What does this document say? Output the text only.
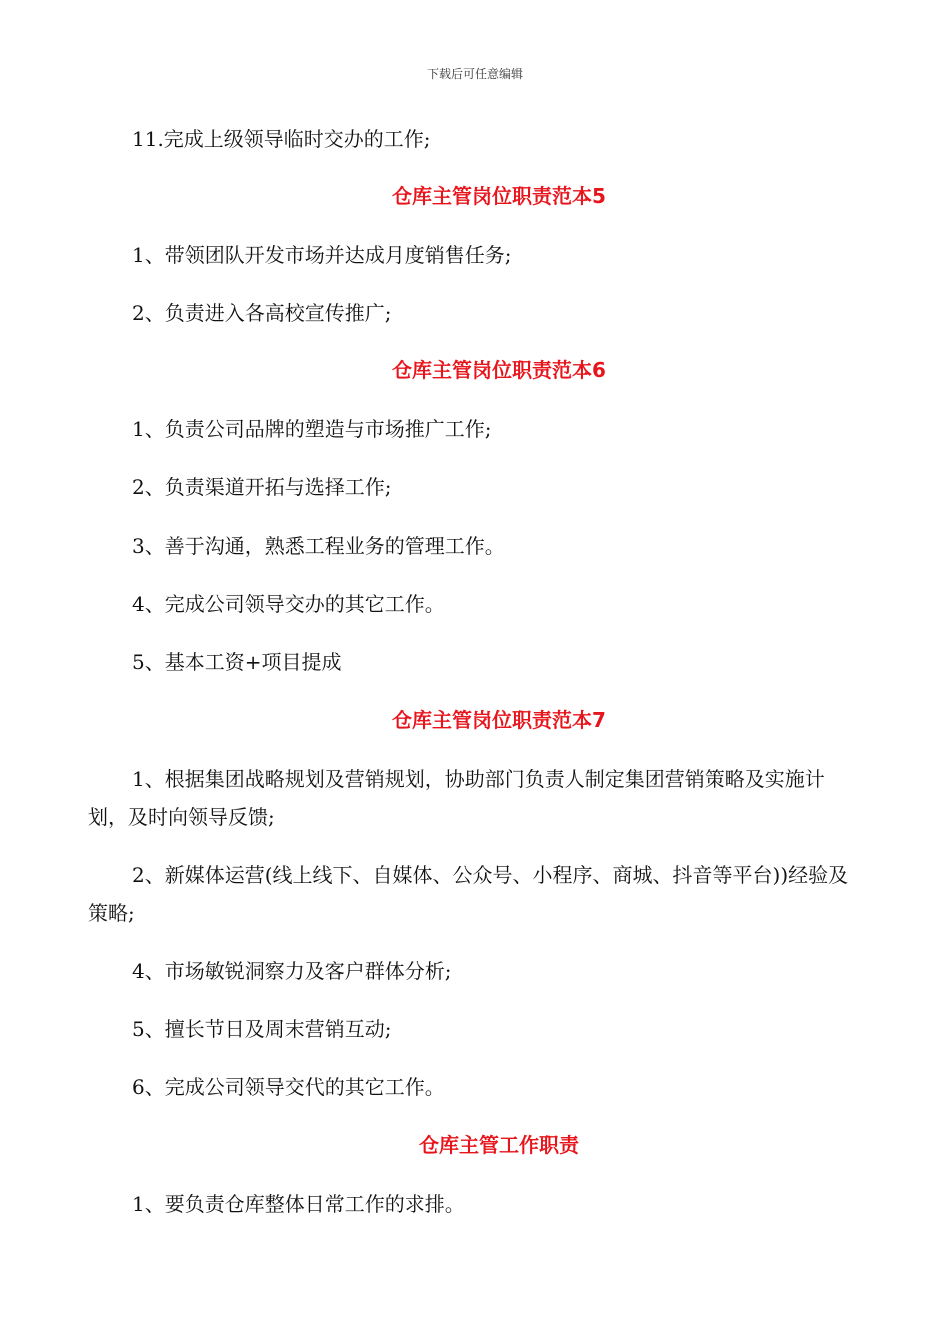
下载后可任意编辑
11.完成上级领导临时交办的工作;
仓库主管岗位职责范本5
1、带领团队开发市场并达成月度销售任务;
2、负责进入各高校宣传推广;
仓库主管岗位职责范本6
1、负责公司品牌的塑造与市场推广工作;
2、负责渠道开拓与选择工作;
3、善于沟通，熟悉工程业务的管理工作。
4、完成公司领导交办的其它工作。
5、基本工资+项目提成
仓库主管岗位职责范本7
1、根据集团战略规划及营销规划，协助部门负责人制定集团营销策略及实施计划，及时向领导反馈;
2、新媒体运营(线上线下、自媒体、公众号、小程序、商城、抖音等平台))经验及策略;
4、市场敏锐洞察力及客户群体分析;
5、擅长节日及周末营销互动;
6、完成公司领导交代的其它工作。
仓库主管工作职责
1、要负责仓库整体日常工作的求排。
